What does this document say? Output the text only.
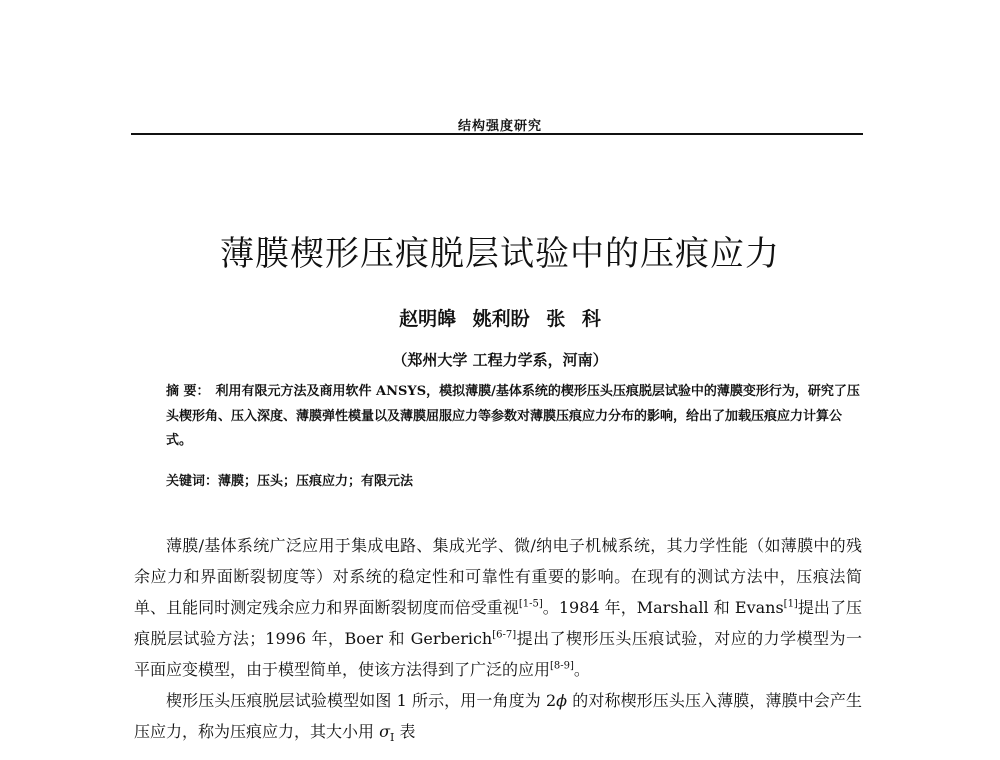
结构强度研究
薄膜楔形压痕脱层试验中的压痕应力
赵明皞 姚利盼 张 科
（郑州大学 工程力学系，河南）

摘 要： 利用有限元方法及商用软件 ANSYS，模拟薄膜/基体系统的楔形压头压痕脱层试验中的薄膜变形行为，研究了压头楔形角、压入深度、薄膜弹性模量以及薄膜屈服应力等参数对薄膜压痕应力分布的影响，给出了加载压痕应力计算公式。

关键词：薄膜；压头；压痕应力；有限元法

薄膜/基体系统广泛应用于集成电路、集成光学、微/纳电子机械系统，其力学性能（如薄膜中的残余应力和界面断裂韧度等）对系统的稳定性和可靠性有重要的影响。在现有的测试方法中，压痕法简单、且能同时测定残余应力和界面断裂韧度而倍受重视[1-5]。1984 年，Marshall 和 Evans[1]提出了压痕脱层试验方法；1996 年，Boer 和 Gerberich[6-7]提出了楔形压头压痕试验，对应的力学模型为一平面应变模型，由于模型简单，使该方法得到了广泛的应用[8-9]。

楔形压头压痕脱层试验模型如图 1 所示，用一角度为 2ϕ 的对称楔形压头压入薄膜，薄膜中会产生压应力，称为压痕应力，其大小用 $\sigma_I$ 表
